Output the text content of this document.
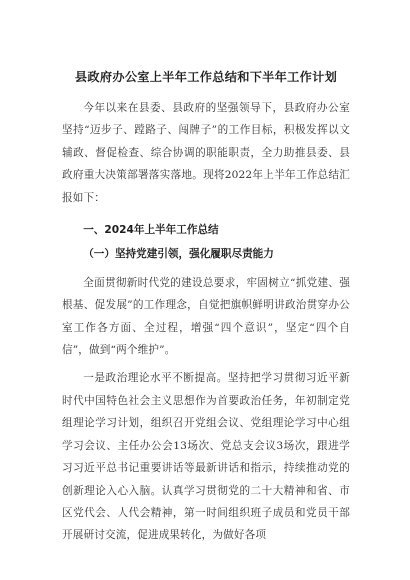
县政府办公室上半年工作总结和下半年工作计划

今年以来在县委、县政府的坚强领导下，县政府办公室坚持“迈步子、蹚路子、闯牌子”的工作目标，积极发挥以文辅政、督促检查、综合协调的职能职责，全力助推县委、县政府重大决策部署落实落地。现将2022年上半年工作总结汇报如下：

一、2024年上半年工作总结
（一）坚持党建引领，强化履职尽责能力

全面贯彻新时代党的建设总要求，牢固树立“抓党建、强根基、促发展”的工作理念，自觉把旗帜鲜明讲政治贯穿办公室工作各方面、全过程，增强“四个意识”，坚定“四个自信”，做到“两个维护”。

一是政治理论水平不断提高。坚持把学习贯彻习近平新时代中国特色社会主义思想作为首要政治任务，年初制定党组理论学习计划，组织召开党组会议、党组理论学习中心组学习会议、主任办公会13场次、党总支会议3场次，跟进学习习近平总书记重要讲话等最新讲话和指示，持续推动党的创新理论入心入脑。认真学习贯彻党的二十大精神和省、市区党代会、人代会精神，第一时间组织班子成员和党员干部开展研讨交流，促进成果转化，为做好各项
